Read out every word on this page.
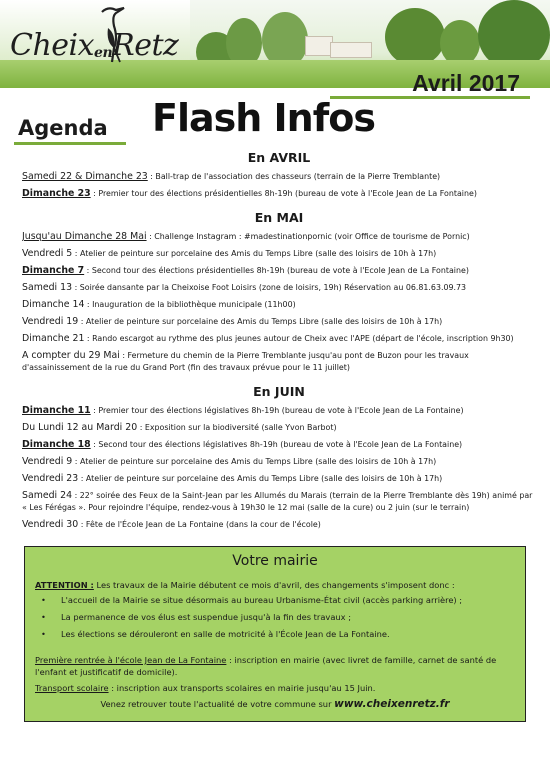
CheixenRetz
Avril 2017
Flash Infos
Agenda
En AVRIL
Samedi 22 & Dimanche 23 : Ball-trap de l'association des chasseurs (terrain de la Pierre Tremblante)
Dimanche 23 : Premier tour des élections présidentielles 8h-19h (bureau de vote à l'Ecole Jean de La Fontaine)
En MAI
Jusqu'au Dimanche 28 Mai : Challenge Instagram : #madestinationpornic (voir Office de tourisme de Pornic)
Vendredi 5 : Atelier de peinture sur porcelaine des Amis du Temps Libre (salle des loisirs de 10h à 17h)
Dimanche 7 : Second tour des élections présidentielles 8h-19h (bureau de vote à l'Ecole Jean de La Fontaine)
Samedi 13 : Soirée dansante par la Cheixoise Foot Loisirs (zone de loisirs, 19h) Réservation au 06.81.63.09.73
Dimanche 14 : Inauguration de la bibliothèque municipale (11h00)
Vendredi 19 : Atelier de peinture sur porcelaine des Amis du Temps Libre (salle des loisirs de 10h à 17h)
Dimanche 21 : Rando escargot au rythme des plus jeunes autour de Cheix avec l'APE (départ de l'école, inscription 9h30)
A compter du 29 Mai : Fermeture du chemin de la Pierre Tremblante jusqu'au pont de Buzon pour les travaux d'assainissement de la rue du Grand Port (fin des travaux prévue pour le 11 juillet)
En JUIN
Dimanche 11 : Premier tour des élections législatives 8h-19h (bureau de vote à l'Ecole Jean de La Fontaine)
Du Lundi 12 au Mardi 20 : Exposition sur la biodiversité (salle Yvon Barbot)
Dimanche 18 : Second tour des élections législatives 8h-19h (bureau de vote à l'Ecole Jean de La Fontaine)
Vendredi 9 : Atelier de peinture sur porcelaine des Amis du Temps Libre (salle des loisirs de 10h à 17h)
Vendredi 23 : Atelier de peinture sur porcelaine des Amis du Temps Libre (salle des loisirs de 10h à 17h)
Samedi 24 : 22° soirée des Feux de la Saint-Jean par les Allumés du Marais (terrain de la Pierre Tremblante dès 19h) animé par « Les Férégas ». Pour rejoindre l'équipe, rendez-vous à 19h30 le 12 mai (salle de la cure) ou 2 juin (sur le terrain)
Vendredi 30 : Fête de l'École Jean de La Fontaine (dans la cour de l'école)
Votre mairie
ATTENTION : Les travaux de la Mairie débutent ce mois d'avril, des changements s'imposent donc :
•	L'accueil de la Mairie se situe désormais au bureau Urbanisme-État civil (accès parking arrière) ;
•	La permanence de vos élus est suspendue jusqu'à la fin des travaux ;
•	Les élections se dérouleront en salle de motricité à l'École Jean de La Fontaine.
Première rentrée à l'école Jean de La Fontaine : inscription en mairie (avec livret de famille, carnet de santé de l'enfant et justificatif de domicile).
Transport scolaire : inscription aux transports scolaires en mairie jusqu'au 15 Juin.
Venez retrouver toute l'actualité de votre commune sur www.cheixenretz.fr
